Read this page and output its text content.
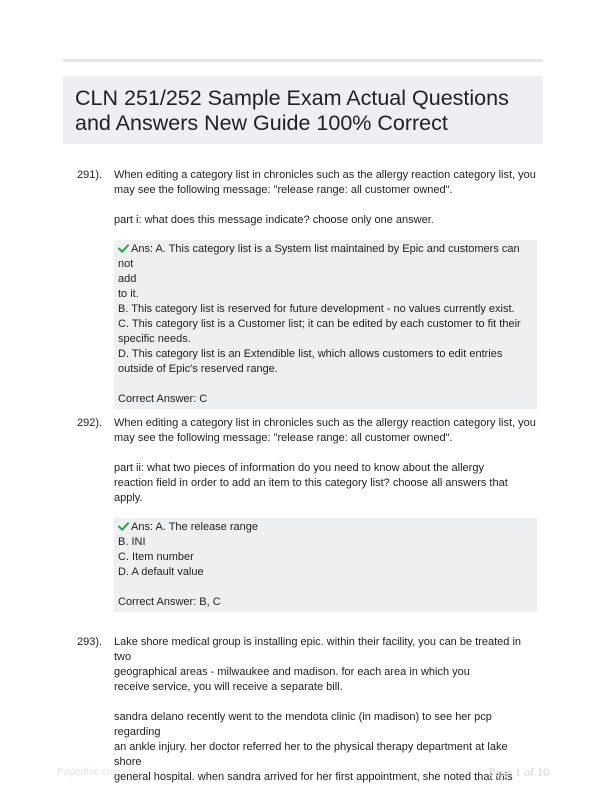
CLN 251/252 Sample Exam Actual Questions and Answers New Guide 100% Correct
291). When editing a category list in chronicles such as the allergy reaction category list, you
may see the following message: "release range: all customer owned".

part i: what does this message indicate? choose only one answer.

Ans: A. This category list is a System list maintained by Epic and customers can not
add
to it.
B. This category list is reserved for future development - no values currently exist.
C. This category list is a Customer list; it can be edited by each customer to fit their
specific needs.
D. This category list is an Extendible list, which allows customers to edit entries
outside of Epic's reserved range.
Correct Answer: C
292). When editing a category list in chronicles such as the allergy reaction category list, you
may see the following message: "release range: all customer owned".

part ii: what two pieces of information do you need to know about the allergy
reaction field in order to add an item to this category list? choose all answers that
apply.

Ans: A. The release range
B. INI
C. Item number
D. A default value
Correct Answer: B, C
293). Lake shore medical group is installing epic. within their facility, you can be treated in two
geographical areas - milwaukee and madison. for each area in which you
receive service, you will receive a separate bill.

sandra delano recently went to the mendota clinic (in madison) to see her pcp regarding
an ankle injury. her doctor referred her to the physical therapy department at lake shore
general hospital. when sandra arrived for her first appointment, she noted that this

Papertbic.com	Page 1 of 10
